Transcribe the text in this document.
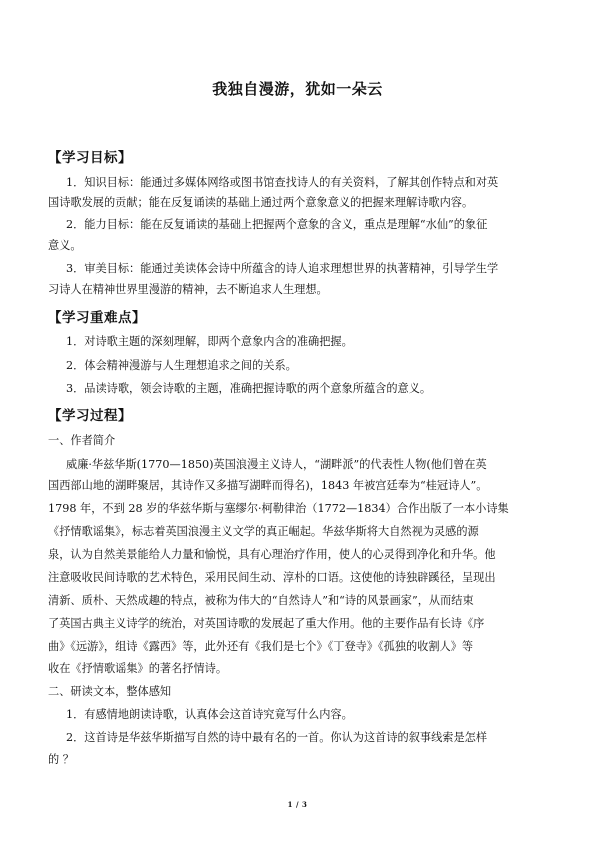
我独自漫游，犹如一朵云
【学习目标】
1．知识目标：能通过多媒体网络或图书馆查找诗人的有关资料，了解其创作特点和对英
国诗歌发展的贡献；能在反复诵读的基础上通过两个意象意义的把握来理解诗歌内容。
2．能力目标：能在反复诵读的基础上把握两个意象的含义，重点是理解“水仙”的象征
意义。
3．审美目标：能通过美读体会诗中所蕴含的诗人追求理想世界的执著精神，引导学生学
习诗人在精神世界里漫游的精神，去不断追求人生理想。
【学习重难点】
1．对诗歌主题的深刻理解，即两个意象内含的准确把握。
2．体会精神漫游与人生理想追求之间的关系。
3．品读诗歌，领会诗歌的主题，准确把握诗歌的两个意象所蕴含的意义。
【学习过程】
一、作者简介
威廉·华兹华斯(1770—1850)英国浪漫主义诗人，“湖畔派”的代表性人物(他们曾在英
国西部山地的湖畔聚居，其诗作又多描写湖畔而得名)，1843 年被宫廷奉为“桂冠诗人”。
1798 年，不到 28 岁的华兹华斯与塞缪尔·柯勒律治（1772—1834）合作出版了一本小诗集
《抒情歌谣集》，标志着英国浪漫主义文学的真正崛起。华兹华斯将大自然视为灵感的源
泉，认为自然美景能给人力量和愉悦，具有心理治疗作用，使人的心灵得到净化和升华。他
注意吸收民间诗歌的艺术特色，采用民间生动、淳朴的口语。这使他的诗独辟蹊径，呈现出
清新、质朴、天然成趣的特点，被称为伟大的“自然诗人”和“诗的风景画家”，从而结束
了英国古典主义诗学的统治，对英国诗歌的发展起了重大作用。他的主要作品有长诗《序
曲》《远游》，组诗《露西》等，此外还有《我们是七个》《丁登寺》《孤独的收割人》等
收在《抒情歌谣集》的著名抒情诗。
二、研读文本，整体感知
1．有感情地朗读诗歌，认真体会这首诗究竟写什么内容。
2．这首诗是华兹华斯描写自然的诗中最有名的一首。你认为这首诗的叙事线索是怎样
的 ？
1 / 3
